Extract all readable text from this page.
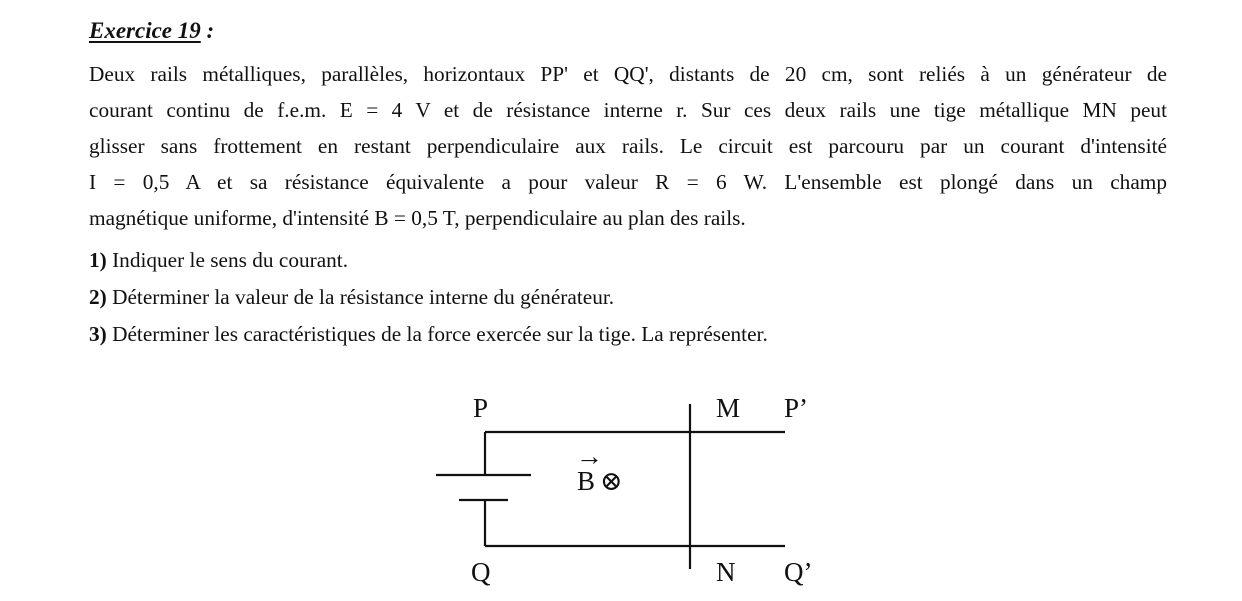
Exercice 19 :
Deux rails métalliques, parallèles, horizontaux PP' et QQ', distants de 20 cm, sont reliés à un générateur de
courant continu de f.e.m. E = 4 V et de résistance interne r. Sur ces deux rails une tige métallique MN peut
glisser sans frottement en restant perpendiculaire aux rails. Le circuit est parcouru par un courant d'intensité
I = 0,5 A et sa résistance équivalente a pour valeur R = 6 W. L'ensemble est plongé dans un champ
magnétique uniforme, d'intensité B = 0,5 T, perpendiculaire au plan des rails.
1) Indiquer le sens du courant.
2) Déterminer la valeur de la résistance interne du générateur.
3) Déterminer les caractéristiques de la force exercée sur la tige. La représenter.
P	M P’
Q	N Q’
→
B ⊗
